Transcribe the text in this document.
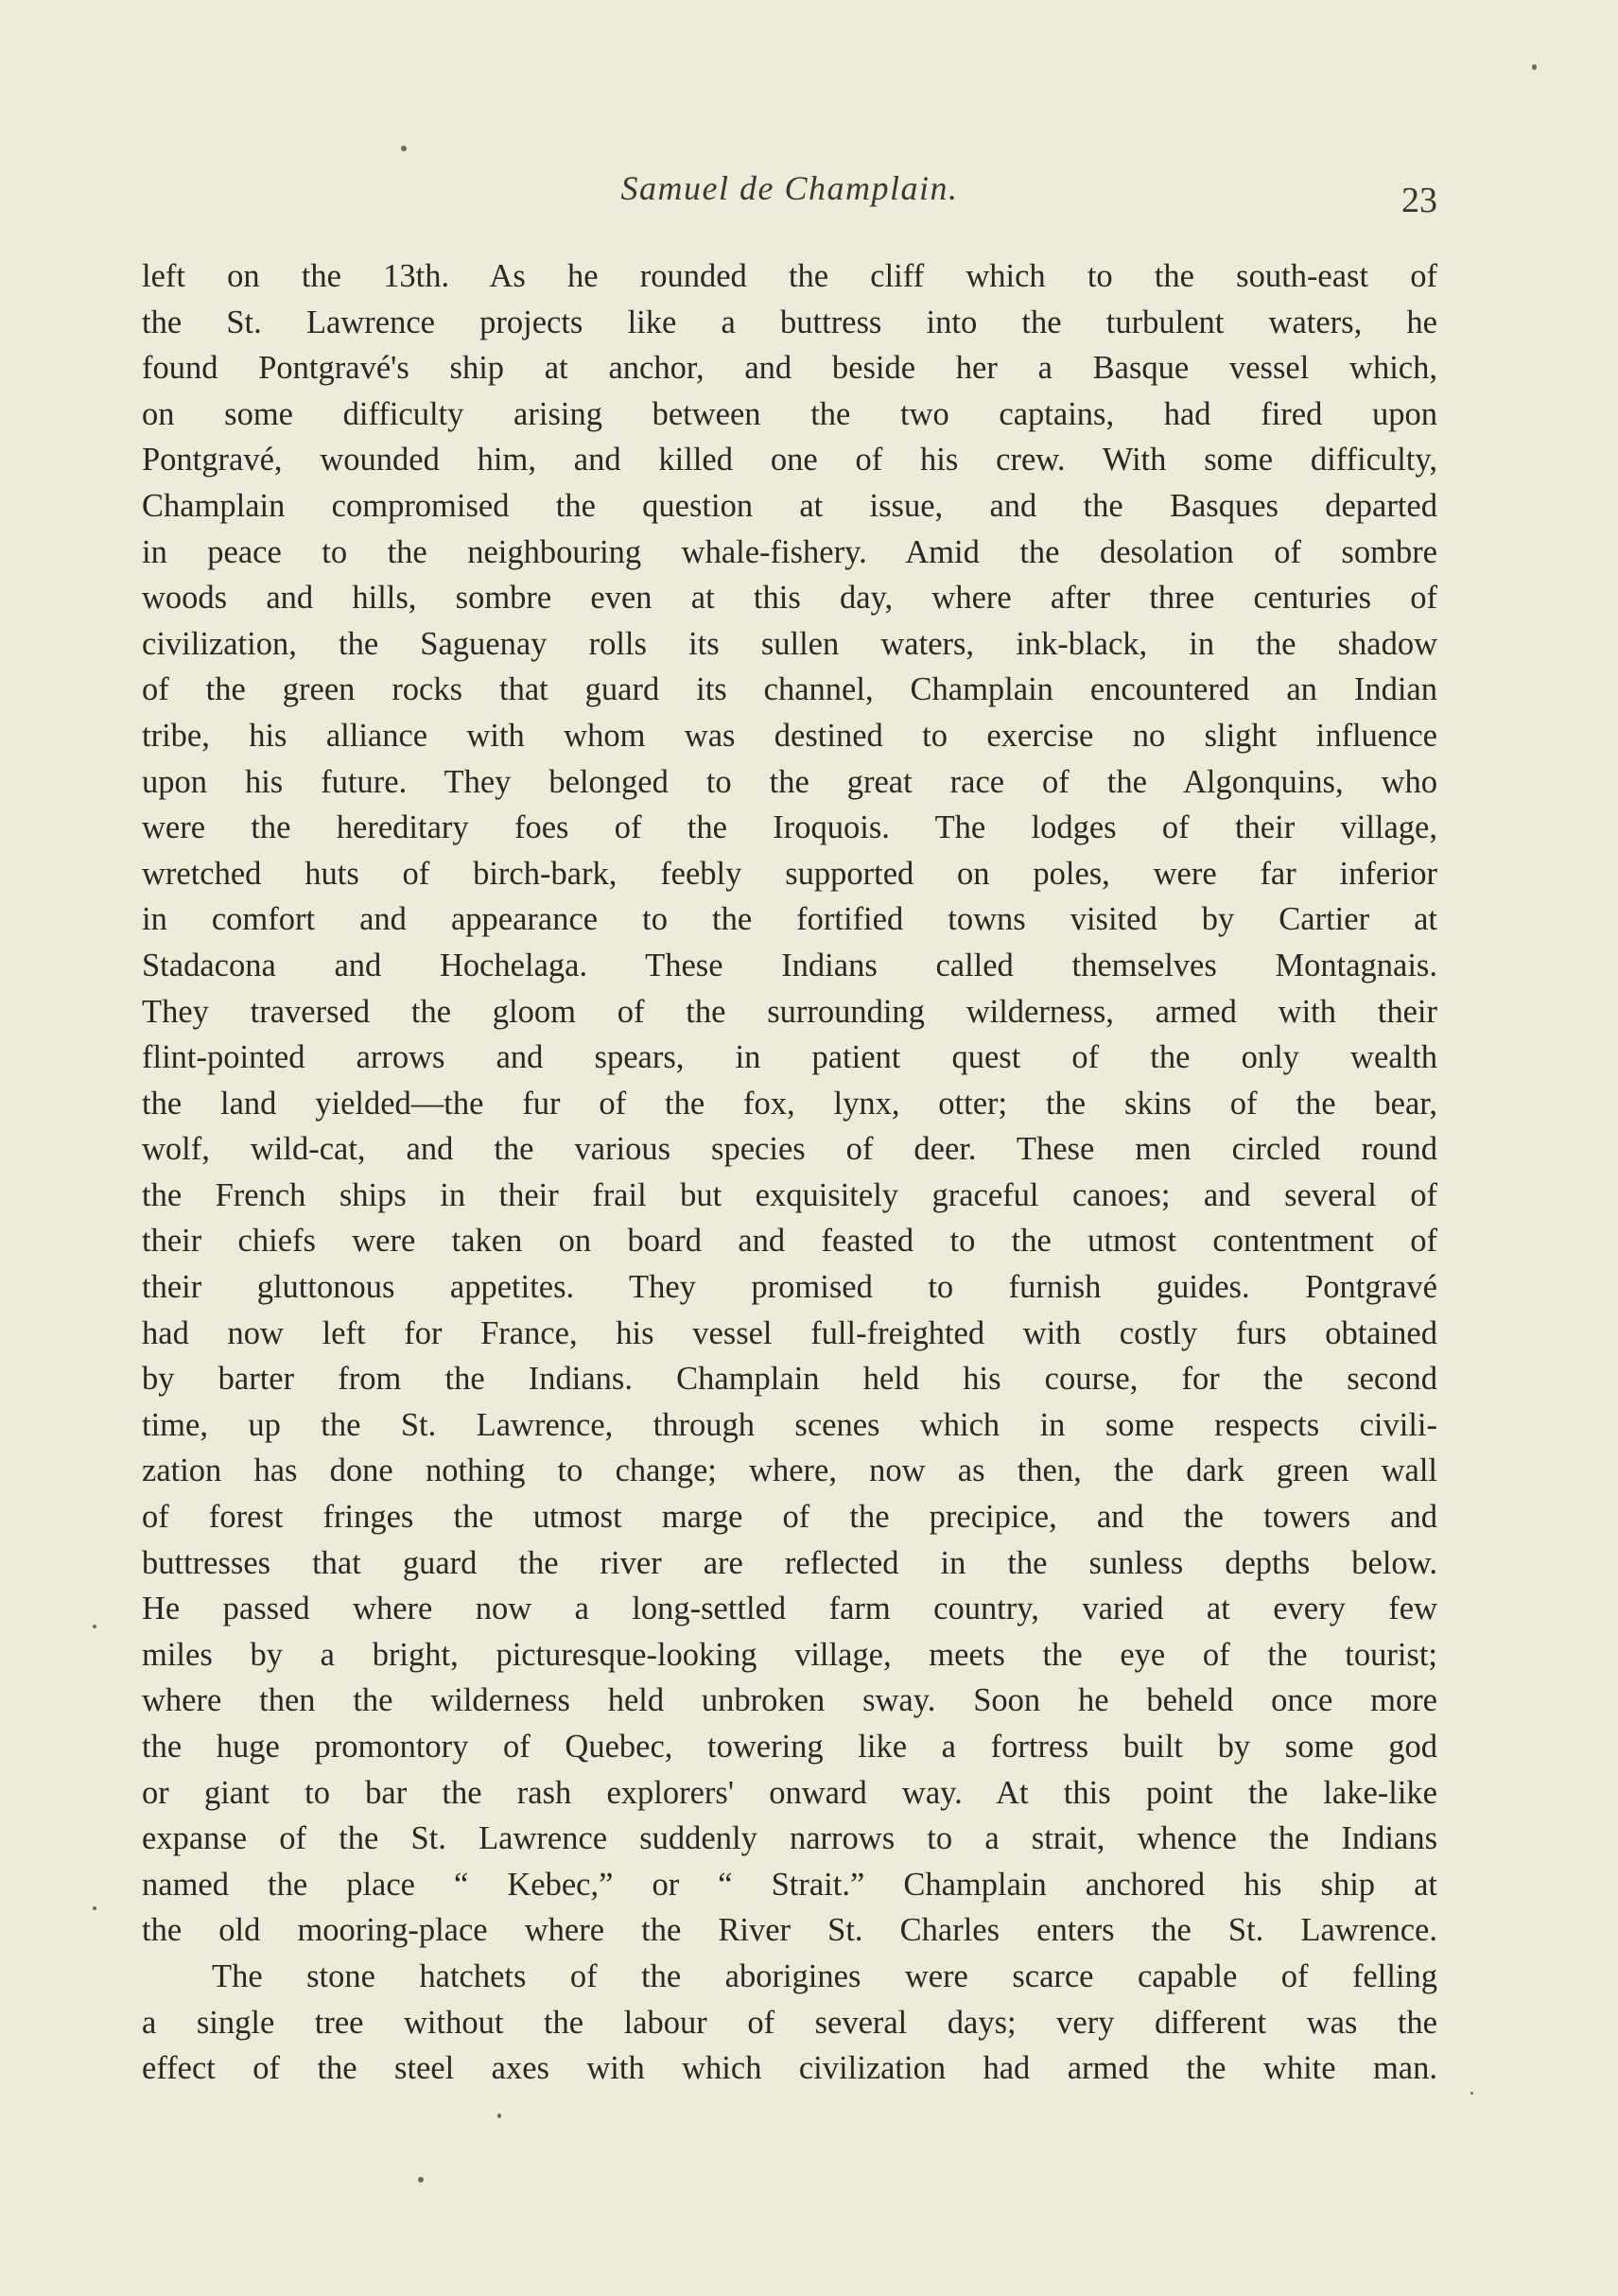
Samuel de Champlain.	23
left on the 13th. As he rounded the cliff which to the south-east of
the St. Lawrence projects like a buttress into the turbulent waters, he
found Pontgravé's ship at anchor, and beside her a Basque vessel which,
on some difficulty arising between the two captains, had fired upon
Pontgravé, wounded him, and killed one of his crew. With some difficulty,
Champlain compromised the question at issue, and the Basques departed
in peace to the neighbouring whale-fishery. Amid the desolation of sombre
woods and hills, sombre even at this day, where after three centuries of
civilization, the Saguenay rolls its sullen waters, ink-black, in the shadow
of the green rocks that guard its channel, Champlain encountered an Indian
tribe, his alliance with whom was destined to exercise no slight influence
upon his future. They belonged to the great race of the Algonquins, who
were the hereditary foes of the Iroquois. The lodges of their village,
wretched huts of birch-bark, feebly supported on poles, were far inferior
in comfort and appearance to the fortified towns visited by Cartier at
Stadacona and Hochelaga. These Indians called themselves Montagnais.
They traversed the gloom of the surrounding wilderness, armed with their
flint-pointed arrows and spears, in patient quest of the only wealth
the land yielded—the fur of the fox, lynx, otter; the skins of the bear,
wolf, wild-cat, and the various species of deer. These men circled round
the French ships in their frail but exquisitely graceful canoes; and several of
their chiefs were taken on board and feasted to the utmost contentment of
their gluttonous appetites. They promised to furnish guides. Pontgravé
had now left for France, his vessel full-freighted with costly furs obtained
by barter from the Indians. Champlain held his course, for the second
time, up the St. Lawrence, through scenes which in some respects civili-
zation has done nothing to change; where, now as then, the dark green wall
of forest fringes the utmost marge of the precipice, and the towers and
buttresses that guard the river are reflected in the sunless depths below.
He passed where now a long-settled farm country, varied at every few
miles by a bright, picturesque-looking village, meets the eye of the tourist;
where then the wilderness held unbroken sway. Soon he beheld once more
the huge promontory of Quebec, towering like a fortress built by some god
or giant to bar the rash explorers' onward way. At this point the lake-like
expanse of the St. Lawrence suddenly narrows to a strait, whence the Indians
named the place “ Kebec,” or “ Strait.” Champlain anchored his ship at
the old mooring-place where the River St. Charles enters the St. Lawrence.
The stone hatchets of the aborigines were scarce capable of felling
a single tree without the labour of several days; very different was the
effect of the steel axes with which civilization had armed the white man.
